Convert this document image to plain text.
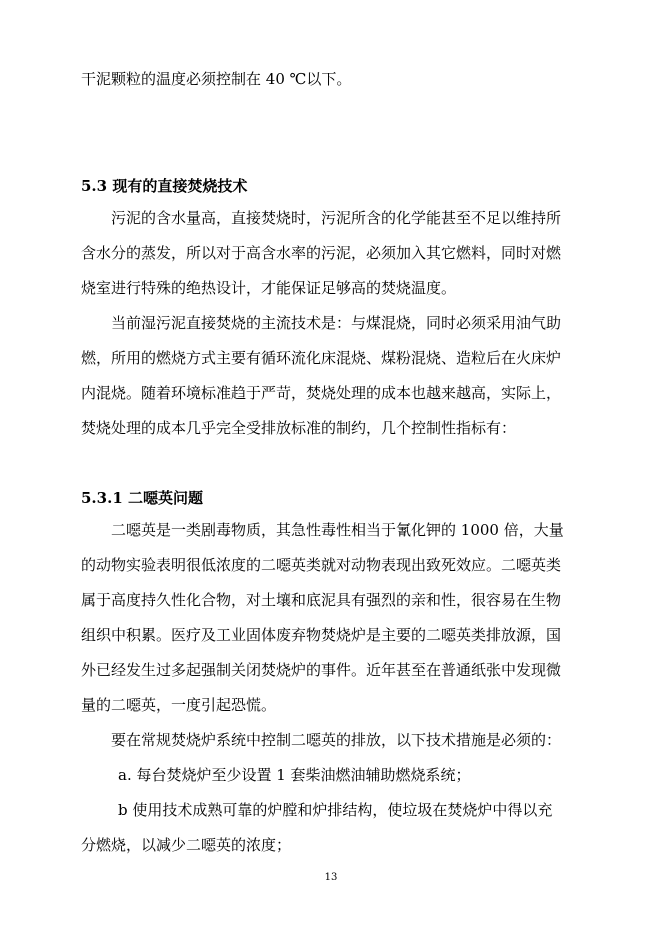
干泥颗粒的温度必须控制在 40 ℃以下。
5.3 现有的直接焚烧技术
污泥的含水量高，直接焚烧时，污泥所含的化学能甚至不足以维持所
含水分的蒸发，所以对于高含水率的污泥，必须加入其它燃料，同时对燃
烧室进行特殊的绝热设计，才能保证足够高的焚烧温度。
当前湿污泥直接焚烧的主流技术是：与煤混烧，同时必须采用油气助
燃，所用的燃烧方式主要有循环流化床混烧、煤粉混烧、造粒后在火床炉
内混烧。随着环境标准趋于严苛，焚烧处理的成本也越来越高，实际上，
焚烧处理的成本几乎完全受排放标准的制约，几个控制性指标有：
5.3.1 二噁英问题
二噁英是一类剧毒物质，其急性毒性相当于氰化钾的 1000 倍，大量
的动物实验表明很低浓度的二噁英类就对动物表现出致死效应。二噁英类
属于高度持久性化合物，对土壤和底泥具有强烈的亲和性，很容易在生物
组织中积累。医疗及工业固体废弃物焚烧炉是主要的二噁英类排放源，国
外已经发生过多起强制关闭焚烧炉的事件。近年甚至在普通纸张中发现微
量的二噁英，一度引起恐慌。
要在常规焚烧炉系统中控制二噁英的排放，以下技术措施是必须的：
a. 每台焚烧炉至少设置 1 套柴油燃油辅助燃烧系统；
b 使用技术成熟可靠的炉膛和炉排结构，使垃圾在焚烧炉中得以充
分燃烧，以减少二噁英的浓度；
13
